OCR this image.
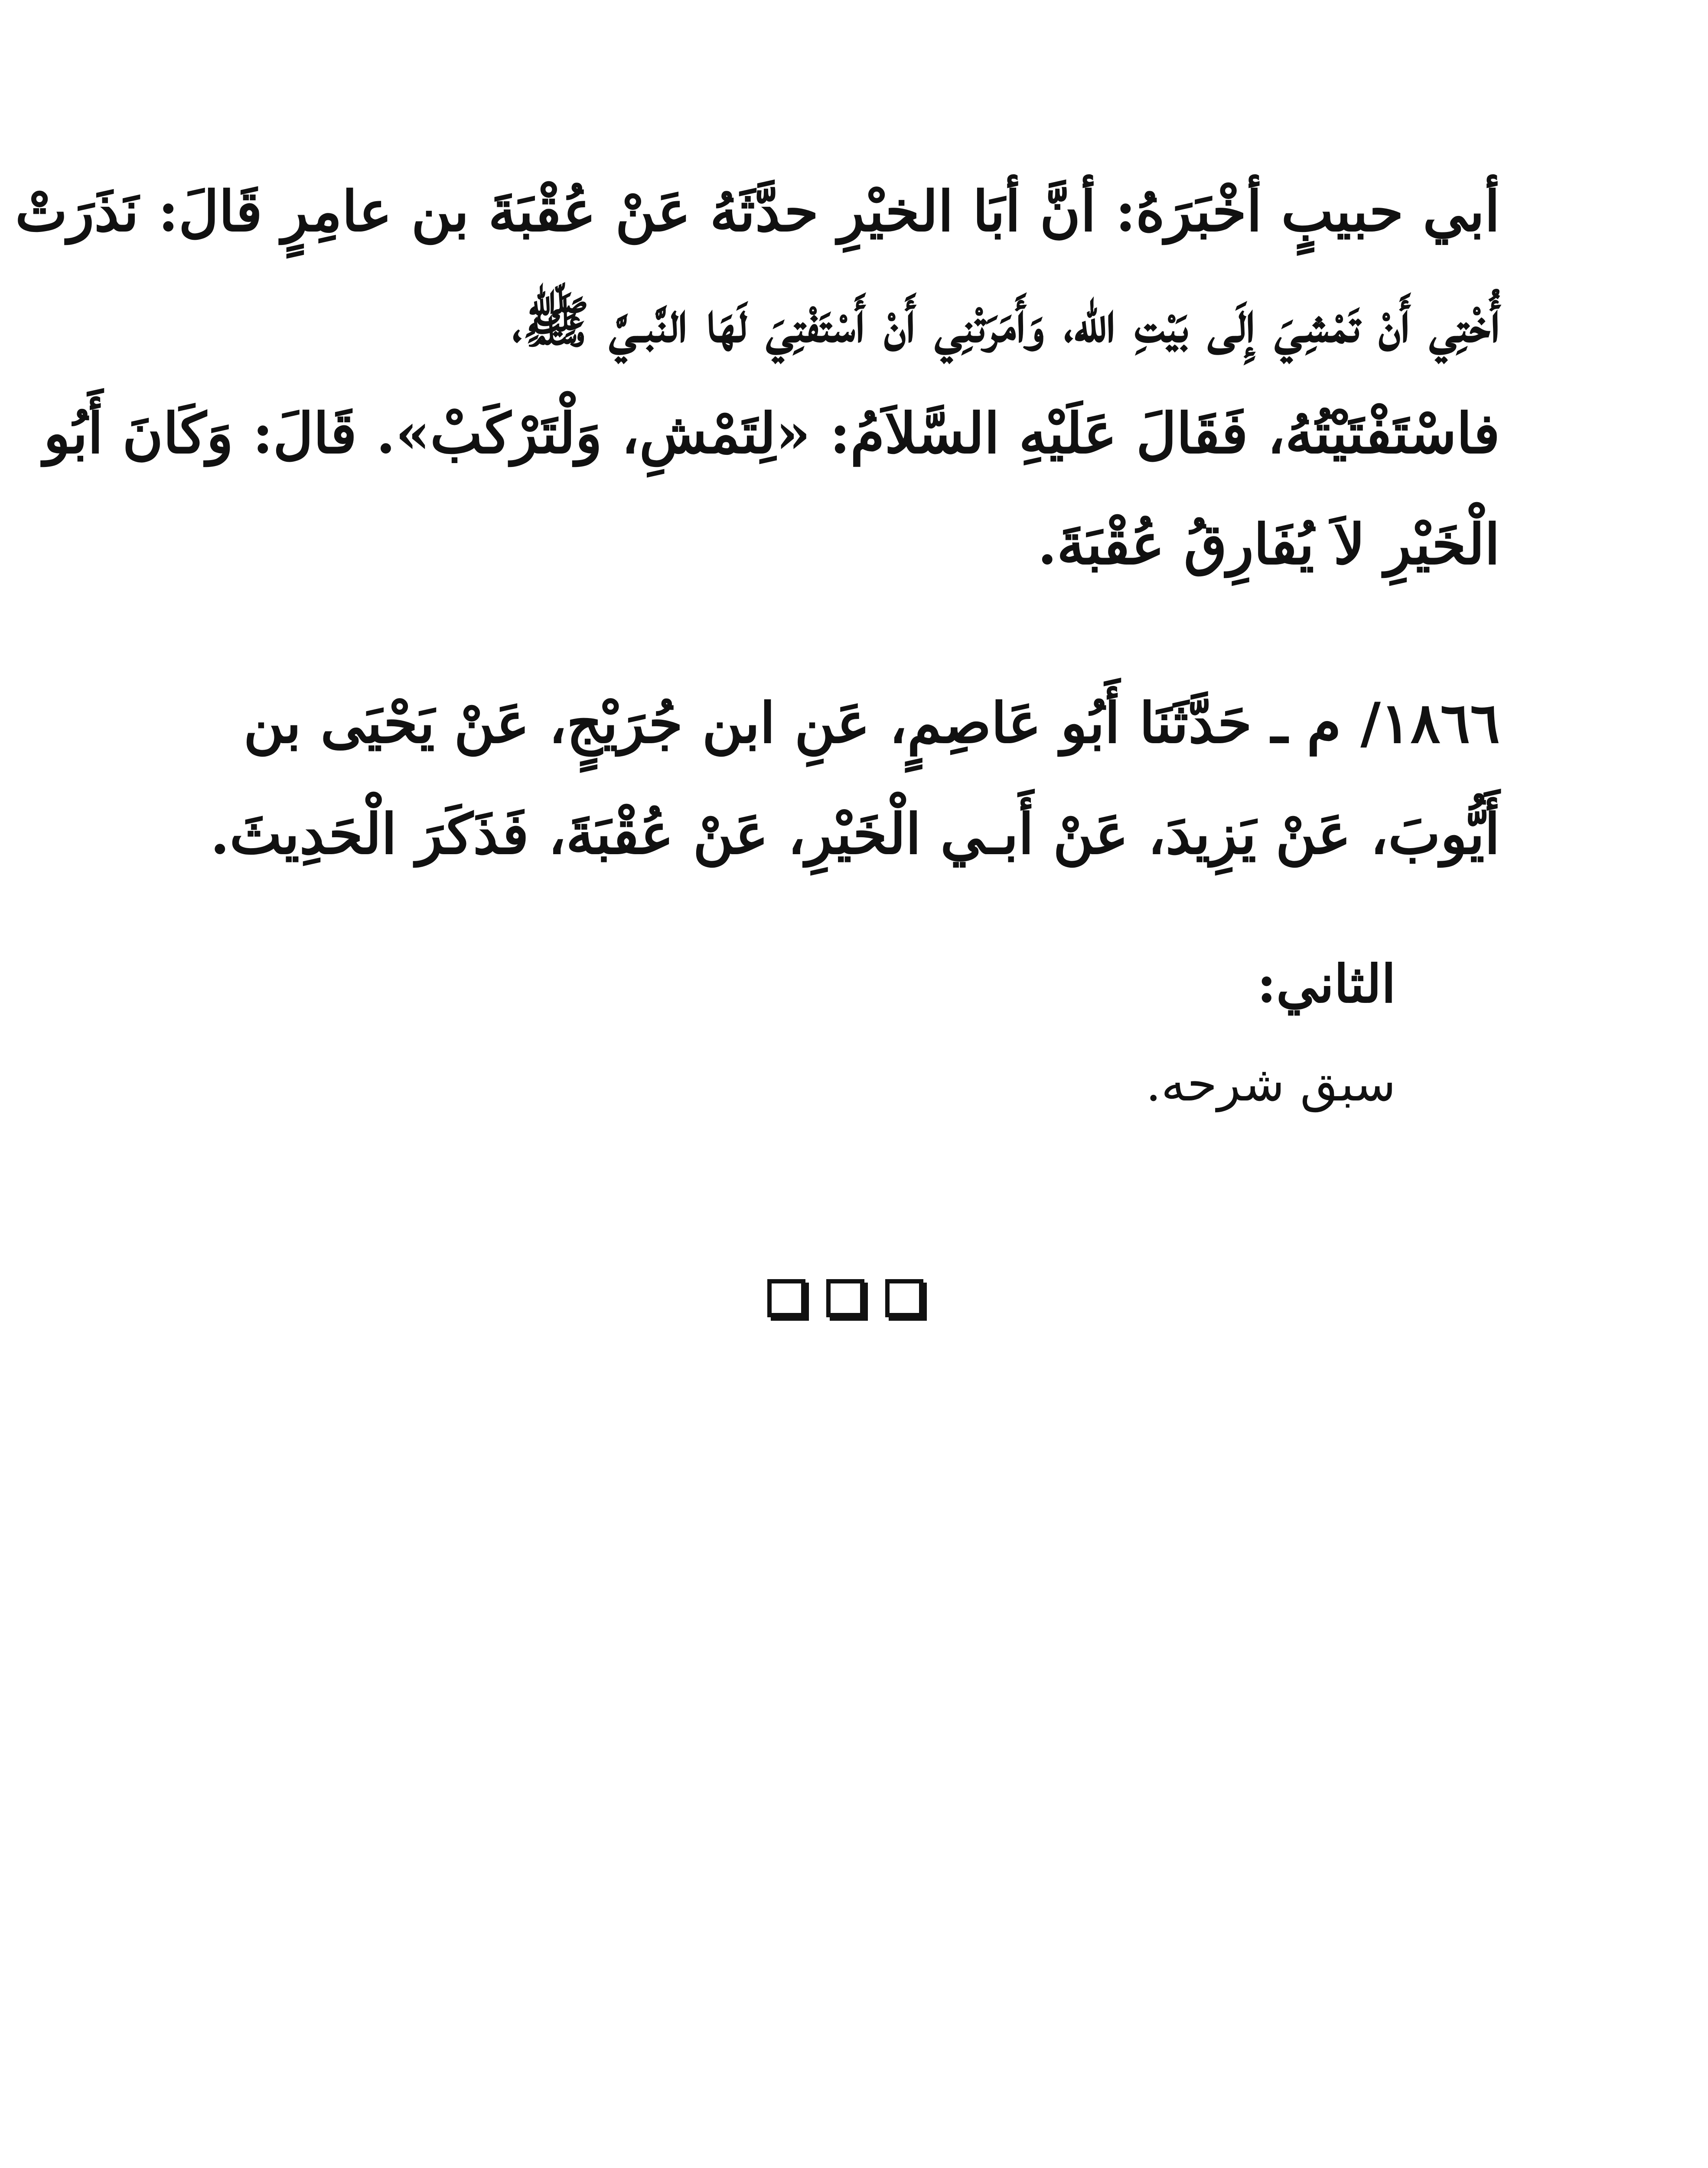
أبي حبيبٍ أخْبَرَهُ: أنَّ أبَا الخيْرِ حدَّثَهُ عَنْ عُقْبَةَ بن عامِرٍ قَالَ: نَذَرَتْ
أُخْتِي أَنْ تَمْشِيَ إِلَى بَيْتِ الله، وَأَمَرَتْنِي أَنْ أَسْتَفْتِيَ لَهَا النَّبـيَّ ﷺ،
فاسْتَفْتَيْتُهُ، فَقَالَ عَلَيْهِ السَّلاَمُ: «لِتَمْشِ، وَلْتَرْكَبْ». قَالَ: وَكَانَ أَبُو
الْخَيْرِ لاَ يُفَارِقُ عُقْبَةَ.
١٨٦٦/ م ـ حَدَّثَنَا أَبُو عَاصِمٍ، عَنِ ابن جُرَيْجٍ، عَنْ يَحْيَى بن
أَيُّوبَ، عَنْ يَزِيدَ، عَنْ أَبـي الْخَيْرِ، عَنْ عُقْبَةَ، فَذَكَرَ الْحَدِيثَ.

الثاني:

سبق شرحه.
